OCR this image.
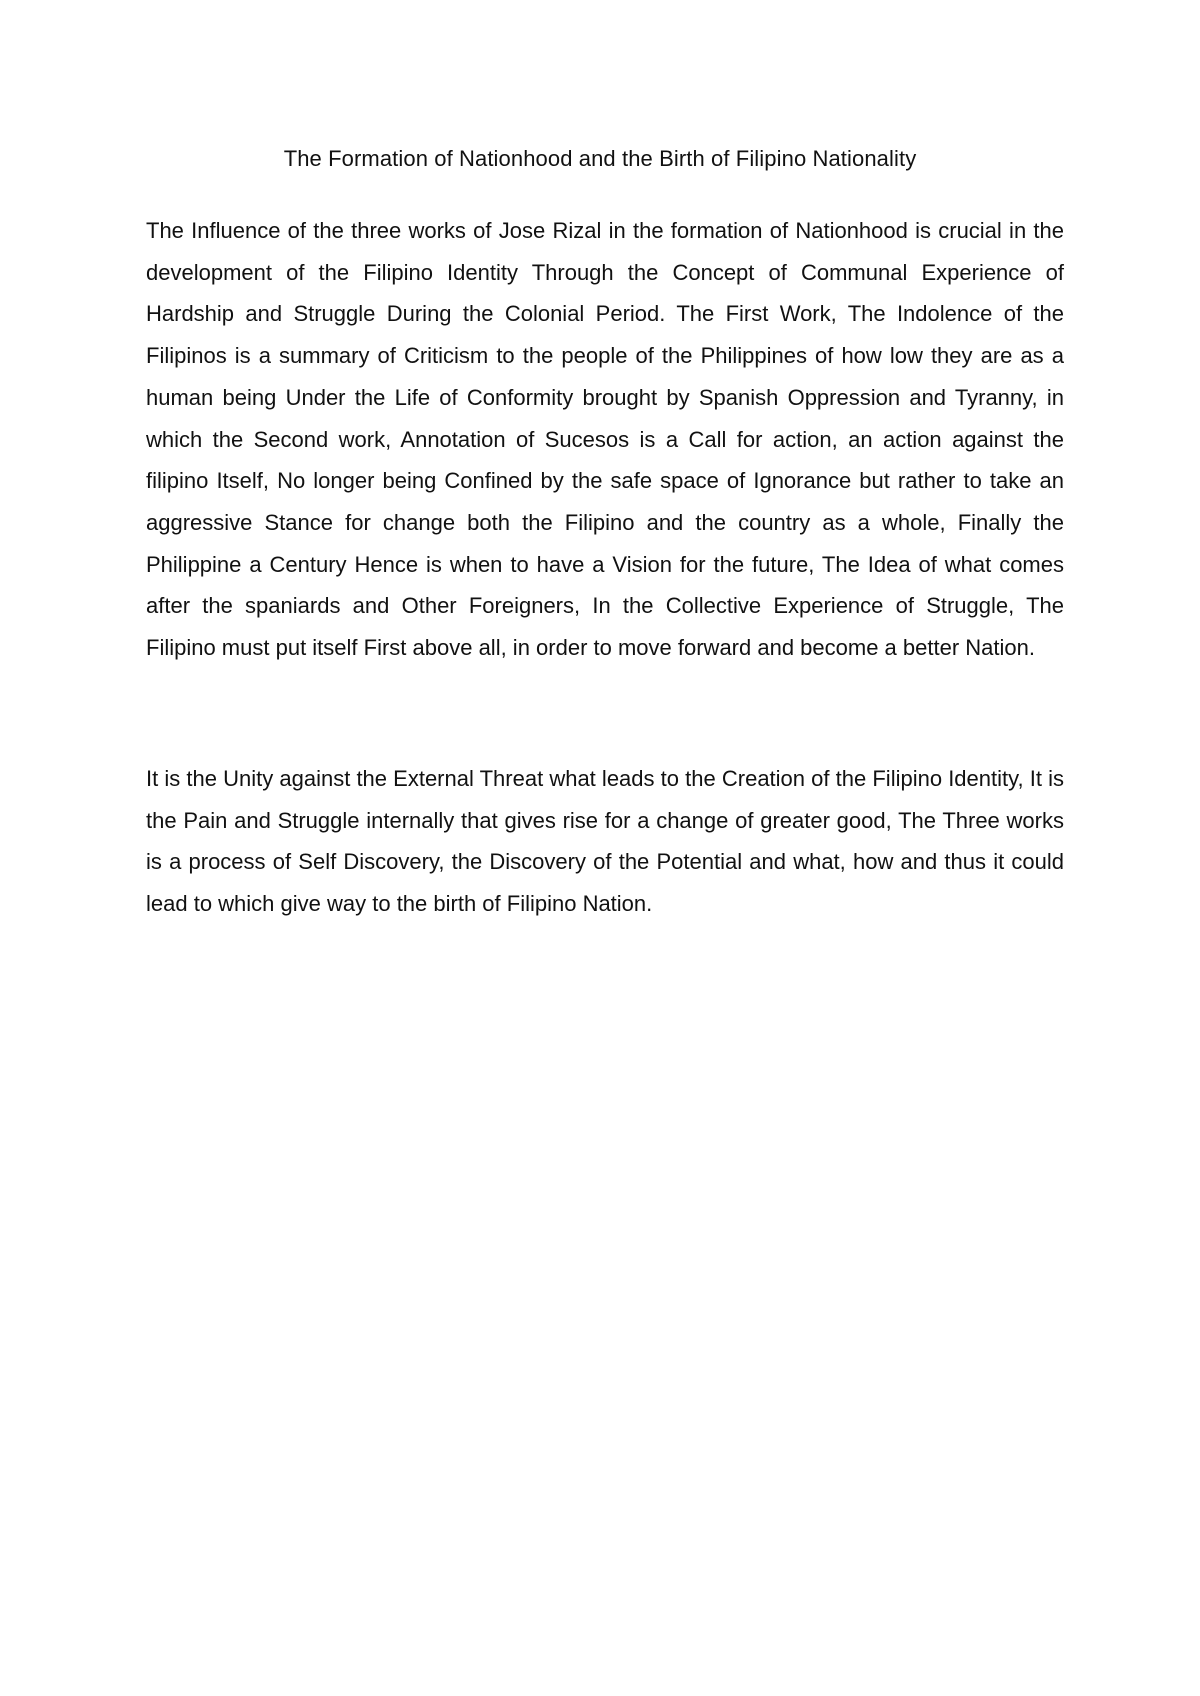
The Formation of Nationhood and the Birth of Filipino Nationality

The Influence of the three works of Jose Rizal in the formation of Nationhood is crucial in the development of the Filipino Identity Through the Concept of Communal Experience of Hardship and Struggle During the Colonial Period. The First Work, The Indolence of the Filipinos is a summary of Criticism to the people of the Philippines of how low they are as a human being Under the Life of Conformity brought by Spanish Oppression and Tyranny, in which the Second work, Annotation of Sucesos is a Call for action, an action against the filipino Itself, No longer being Confined by the safe space of Ignorance but rather to take an aggressive Stance for change both the Filipino and the country as a whole, Finally the Philippine a Century Hence is when to have a Vision for the future, The Idea of what comes after the spaniards and Other Foreigners, In the Collective Experience of Struggle, The Filipino must put itself First above all, in order to move forward and become a better Nation.

It is the Unity against the External Threat what leads to the Creation of the Filipino Identity, It is the Pain and Struggle internally that gives rise for a change of greater good, The Three works is a process of Self Discovery, the Discovery of the Potential and what, how and thus it could lead to which give way to the birth of Filipino Nation.
